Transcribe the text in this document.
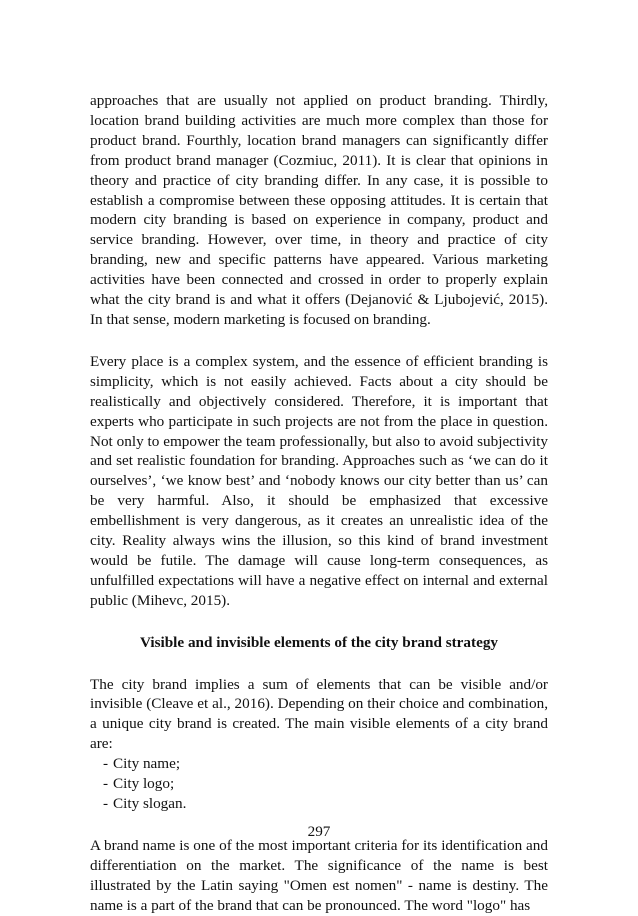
approaches that are usually not applied on product branding. Thirdly, location brand building activities are much more complex than those for product brand. Fourthly, location brand managers can significantly differ from product brand manager (Cozmiuc, 2011). It is clear that opinions in theory and practice of city branding differ. In any case, it is possible to establish a compromise between these opposing attitudes. It is certain that modern city branding is based on experience in company, product and service branding. However, over time, in theory and practice of city branding, new and specific patterns have appeared. Various marketing activities have been connected and crossed in order to properly explain what the city brand is and what it offers (Dejanović & Ljubojević, 2015). In that sense, modern marketing is focused on branding.

Every place is a complex system, and the essence of efficient branding is simplicity, which is not easily achieved. Facts about a city should be realistically and objectively considered. Therefore, it is important that experts who participate in such projects are not from the place in question. Not only to empower the team professionally, but also to avoid subjectivity and set realistic foundation for branding. Approaches such as ‘we can do it ourselves’, ‘we know best’ and ‘nobody knows our city better than us’ can be very harmful. Also, it should be emphasized that excessive embellishment is very dangerous, as it creates an unrealistic idea of the city. Reality always wins the illusion, so this kind of brand investment would be futile. The damage will cause long-term consequences, as unfulfilled expectations will have a negative effect on internal and external public (Mihevc, 2015).

Visible and invisible elements of the city brand strategy

The city brand implies a sum of elements that can be visible and/or invisible (Cleave et al., 2016). Depending on their choice and combination, a unique city brand is created. The main visible elements of a city brand are:

- City name;
- City logo;
- City slogan.

A brand name is one of the most important criteria for its identification and differentiation on the market. The significance of the name is best illustrated by the Latin saying "Omen est nomen" - name is destiny. The name is a part of the brand that can be pronounced. The word "logo" has

297
